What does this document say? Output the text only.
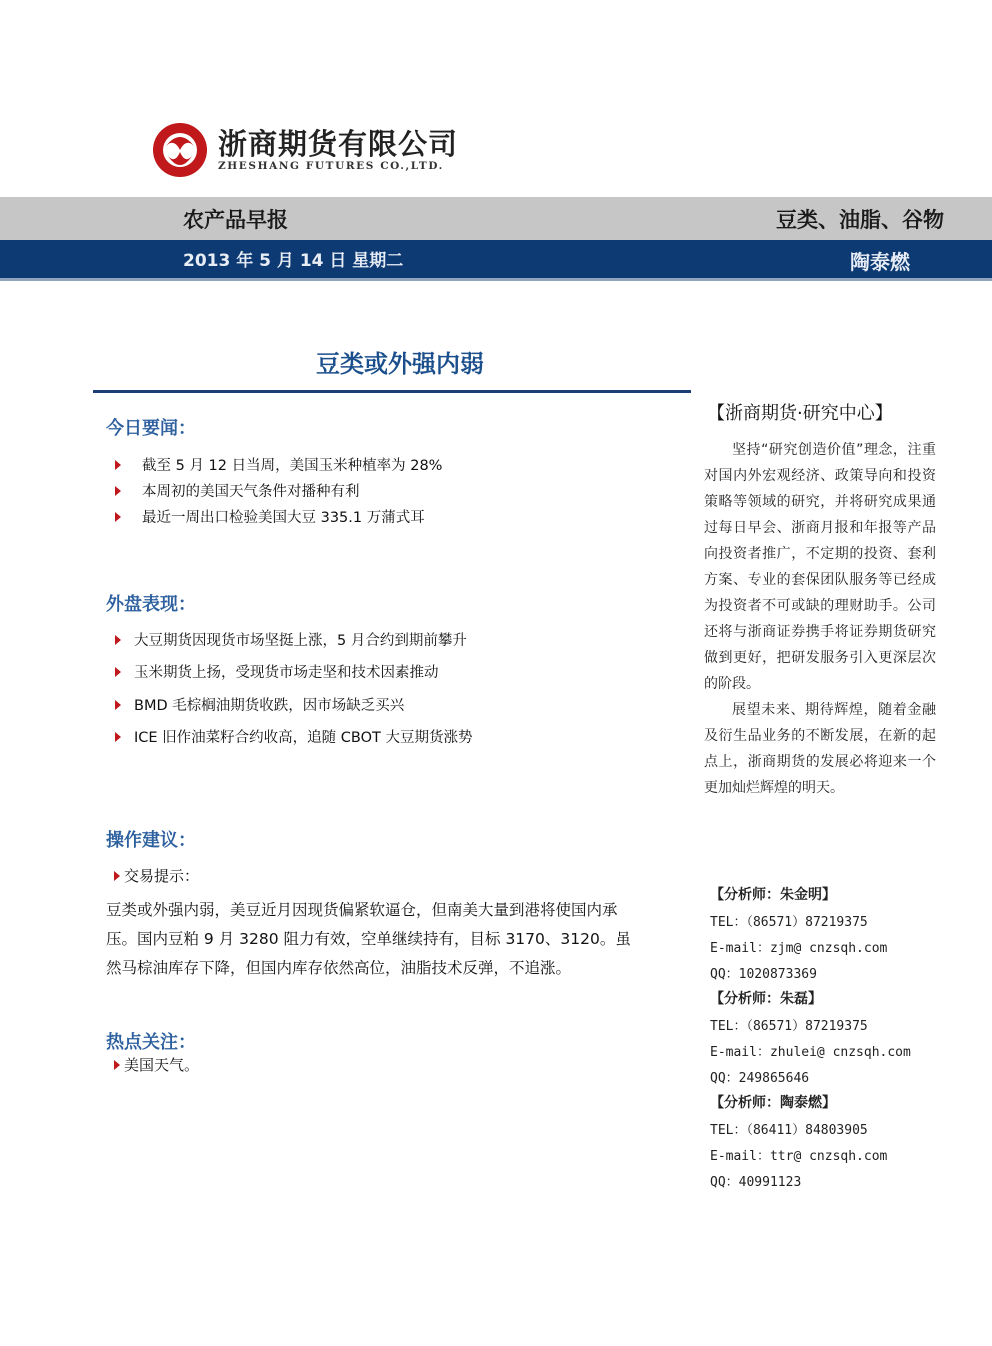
浙商期货有限公司
ZHESHANG FUTURES CO.,LTD.
农产品早报	豆类、油脂、谷物
2013 年 5 月 14 日 星期二	陶泰燃
豆类或外强内弱
今日要闻：
截至 5 月 12 日当周，美国玉米种植率为 28%
本周初的美国天气条件对播种有利
最近一周出口检验美国大豆 335.1 万蒲式耳
外盘表现：
大豆期货因现货市场坚挺上涨，5 月合约到期前攀升
玉米期货上扬，受现货市场走坚和技术因素推动
BMD 毛棕榈油期货收跌，因市场缺乏买兴
ICE 旧作油菜籽合约收高，追随 CBOT 大豆期货涨势
操作建议：
交易提示：
豆类或外强内弱，美豆近月因现货偏紧软逼仓，但南美大量到港将使国内承
压。国内豆粕 9 月 3280 阻力有效，空单继续持有，目标 3170、3120。虽
然马棕油库存下降，但国内库存依然高位，油脂技术反弹，不追涨。
热点关注：
美国天气。
【浙商期货·研究中心】

坚持“研究创造价值”理念，注重对国内外宏观经济、政策导向和投资策略等领域的研究，并将研究成果通过每日早会、浙商月报和年报等产品向投资者推广，不定期的投资、套利方案、专业的套保团队服务等已经成为投资者不可或缺的理财助手。公司还将与浙商证券携手将证券期货研究做到更好，把研发服务引入更深层次的阶段。

展望未来、期待辉煌，随着金融及衍生品业务的不断发展，在新的起点上，浙商期货的发展必将迎来一个更加灿烂辉煌的明天。

【分析师：朱金明】
TEL：（86571）87219375
E-mail：zjm@ cnzsqh.com
QQ：1020873369
【分析师：朱磊】
TEL：（86571）87219375
E-mail：zhulei@ cnzsqh.com
QQ：249865646
【分析师：陶泰燃】
TEL：（86411）84803905
E-mail：ttr@ cnzsqh.com
QQ：40991123
